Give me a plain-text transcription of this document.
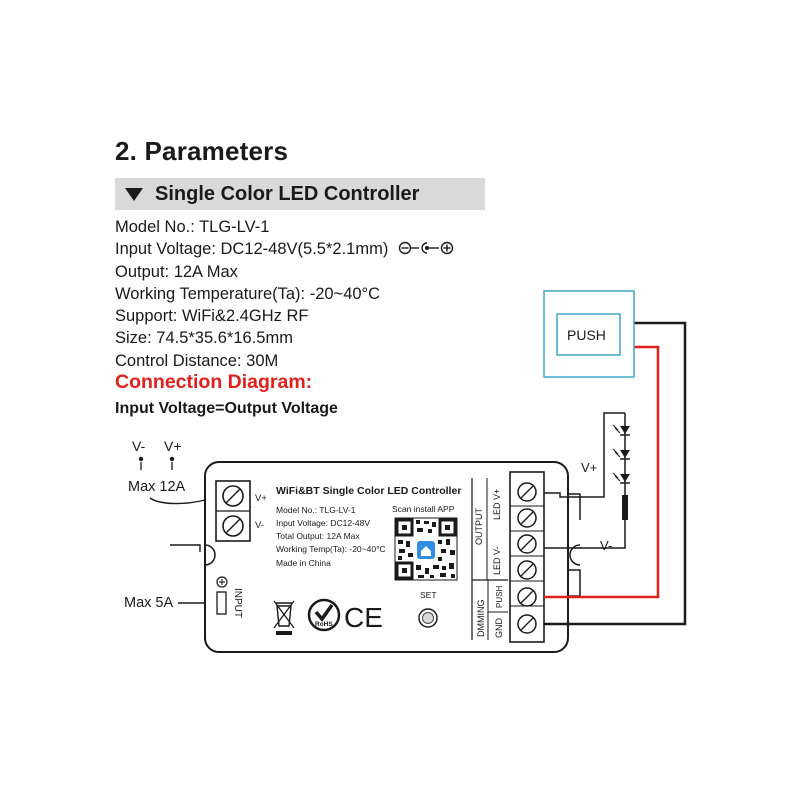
2. Parameters
Single Color LED Controller
Model No.: TLG-LV-1
Input Voltage: DC12-48V(5.5*2.1mm)
Output: 12A Max
Working Temperature(Ta): -20~40°C
Support: WiFi&2.4GHz RF
Size: 74.5*35.6*16.5mm
Control Distance: 30M
Connection Diagram:
Input Voltage=Output Voltage
V- V+
Max 12A
Max 5A
V+
V-
INPUT
WiFi&BT Single Color LED Controller
Model No.: TLG-LV-1
Input Voltage: DC12-48V
Total Output: 12A Max
Working Temp(Ta): -20~40°C
Made in China
Scan install APP
SET
RoHS CE
OUTPUT
LED V+
LED V-
DMMING
PUSH
GND
V+
V-
PUSH
